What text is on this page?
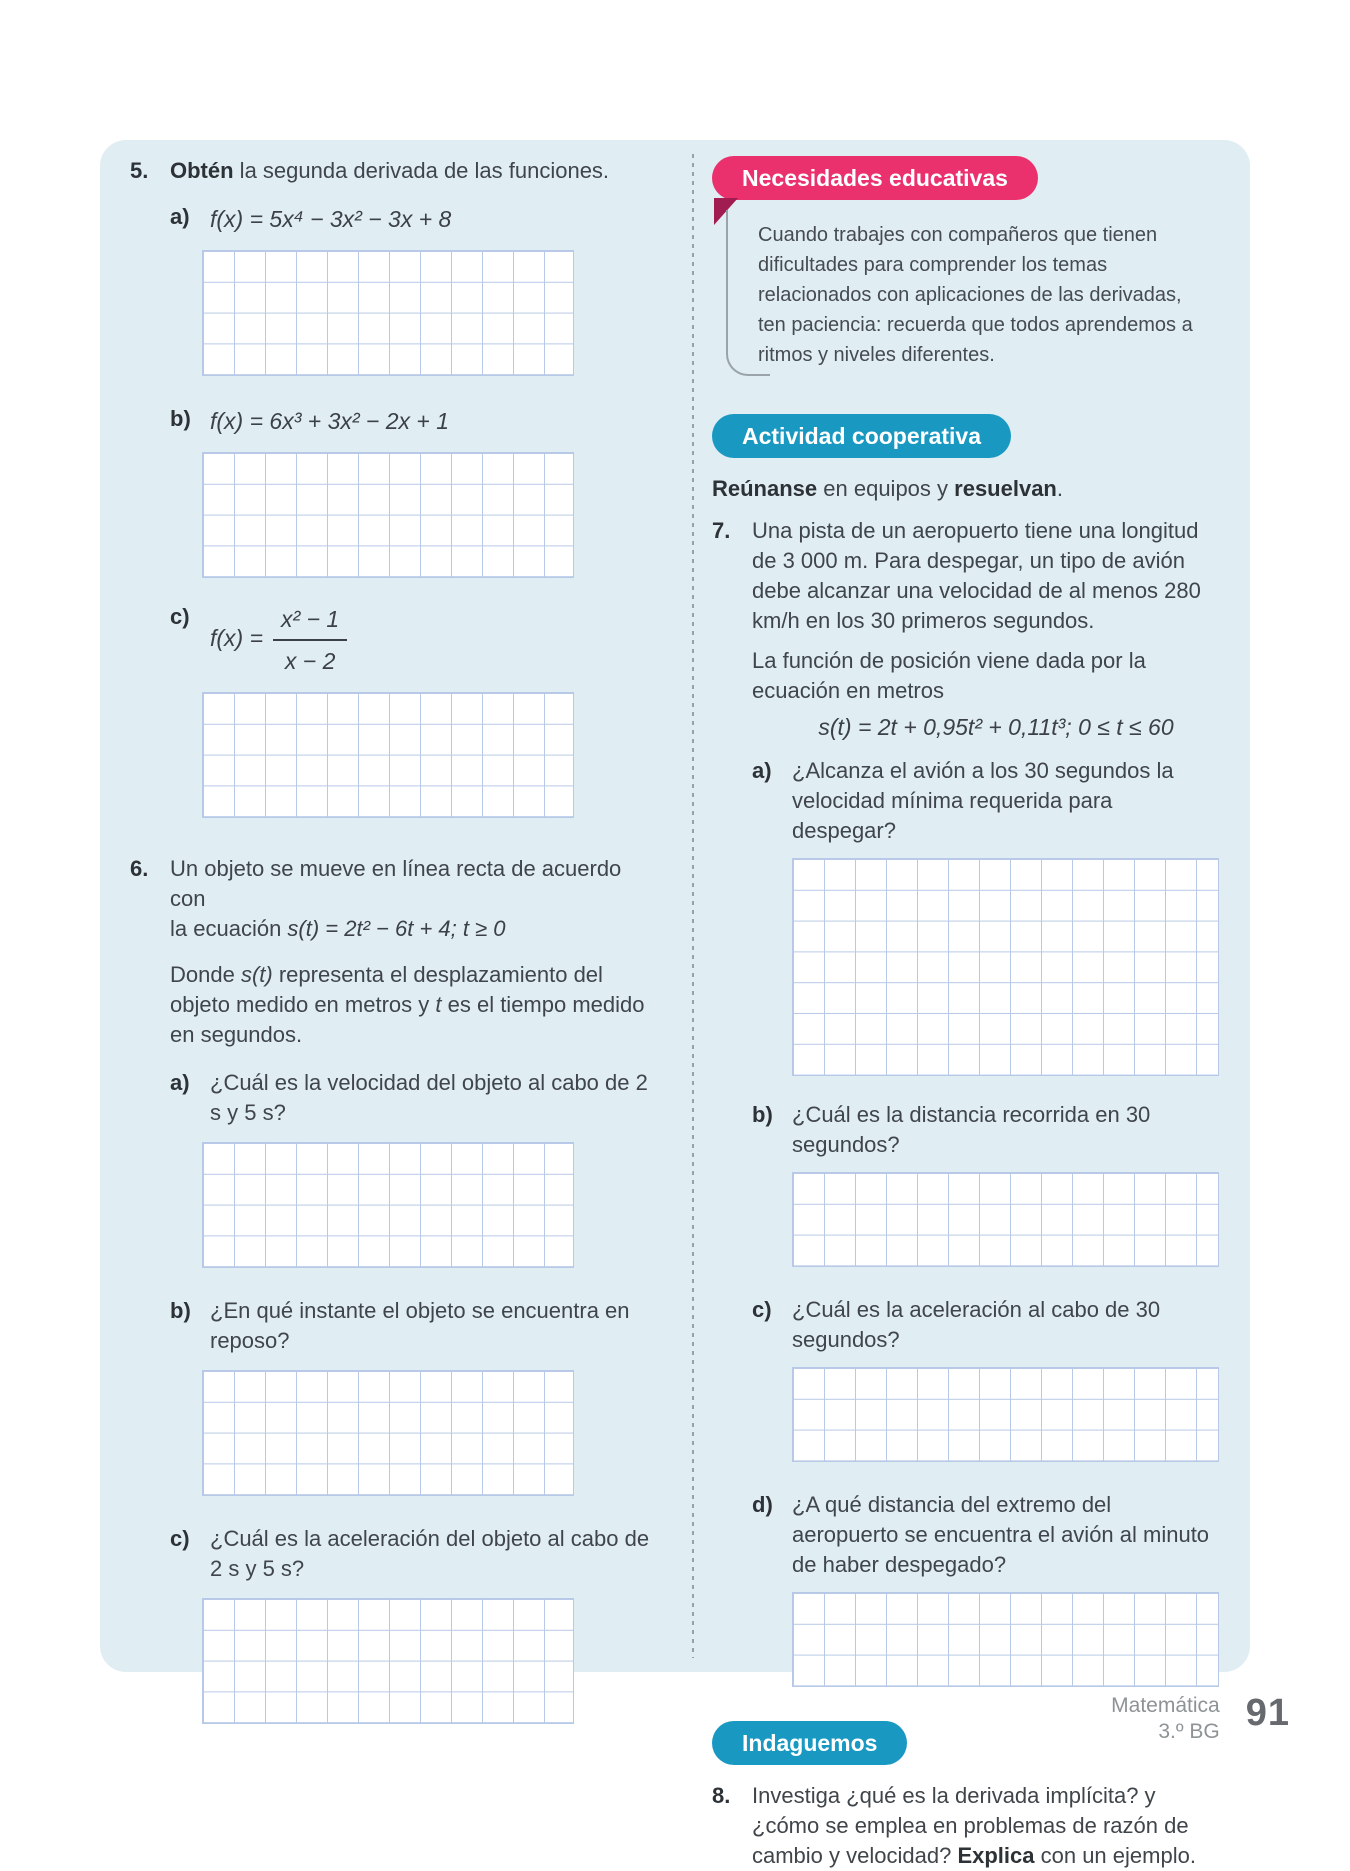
5. Obtén la segunda derivada de las funciones.
a) f(x) = 5x⁴ − 3x² − 3x + 8
b) f(x) = 6x³ + 3x² − 2x + 1
c)
$f(x) = \frac{\text{x² − 1}}{x - 2}$
6. Un objeto se mueve en línea recta de acuerdo con
la ecuación s(t) = 2t² − 6t + 4; t ≥ 0
Donde s(t) representa el desplazamiento del objeto medido en metros y t es el tiempo medido en segundos.
a) ¿Cuál es la velocidad del objeto al cabo de 2 s y 5 s?
b) ¿En qué instante el objeto se encuentra en reposo?
c) ¿Cuál es la aceleración del objeto al cabo de 2 s y 5 s?
Necesidades educativas
Cuando trabajes con compañeros que tienen dificultades para comprender los temas relacionados con aplicaciones de las derivadas, ten paciencia: recuerda que todos aprendemos a ritmos y niveles diferentes.
Actividad cooperativa
Reúnanse en equipos y resuelvan.
7. Una pista de un aeropuerto tiene una longitud de 3 000 m. Para despegar, un tipo de avión debe alcanzar una velocidad de al menos 280 km/h en los 30 primeros segundos.
La función de posición viene dada por la ecuación en metros
s(t) = 2t + 0,95t² + 0,11t³; 0 ≤ t ≤ 60
a) ¿Alcanza el avión a los 30 segundos la velocidad mínima requerida para despegar?
b) ¿Cuál es la distancia recorrida en 30 segundos?
c) ¿Cuál es la aceleración al cabo de 30 segundos?
d) ¿A qué distancia del extremo del aeropuerto se encuentra el avión al minuto de haber despegado?
Indaguemos
8. Investiga ¿qué es la derivada implícita? y ¿cómo se emplea en problemas de razón de cambio y velocidad? Explica con un ejemplo.
Matemática
3.º BG 91
